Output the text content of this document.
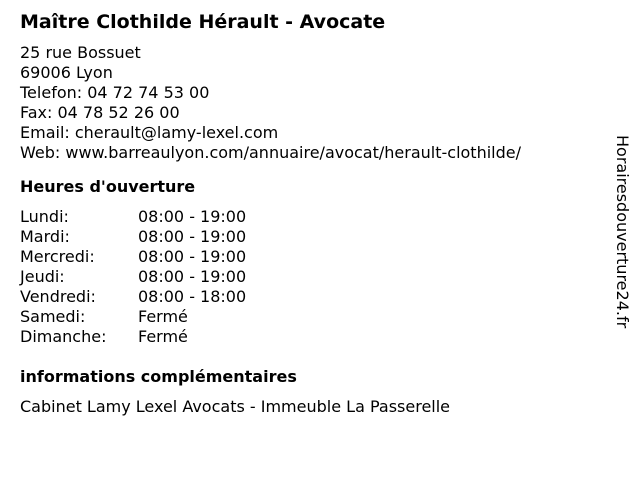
Maître Clothilde Hérault - Avocate
25 rue Bossuet
69006 Lyon
Telefon: 04 72 74 53 00
Fax: 04 78 52 26 00
Email: cherault@lamy-lexel.com
Web: www.barreaulyon.com/annuaire/avocat/herault-clothilde/
Heures d'ouverture
Lundi:	08:00 - 19:00
Mardi:	08:00 - 19:00
Mercredi:	08:00 - 19:00
Jeudi:	08:00 - 19:00
Vendredi:	08:00 - 18:00
Samedi:	Fermé
Dimanche:	Fermé
informations complémentaires
Cabinet Lamy Lexel Avocats - Immeuble La Passerelle
Horairesdouverture24.fr
